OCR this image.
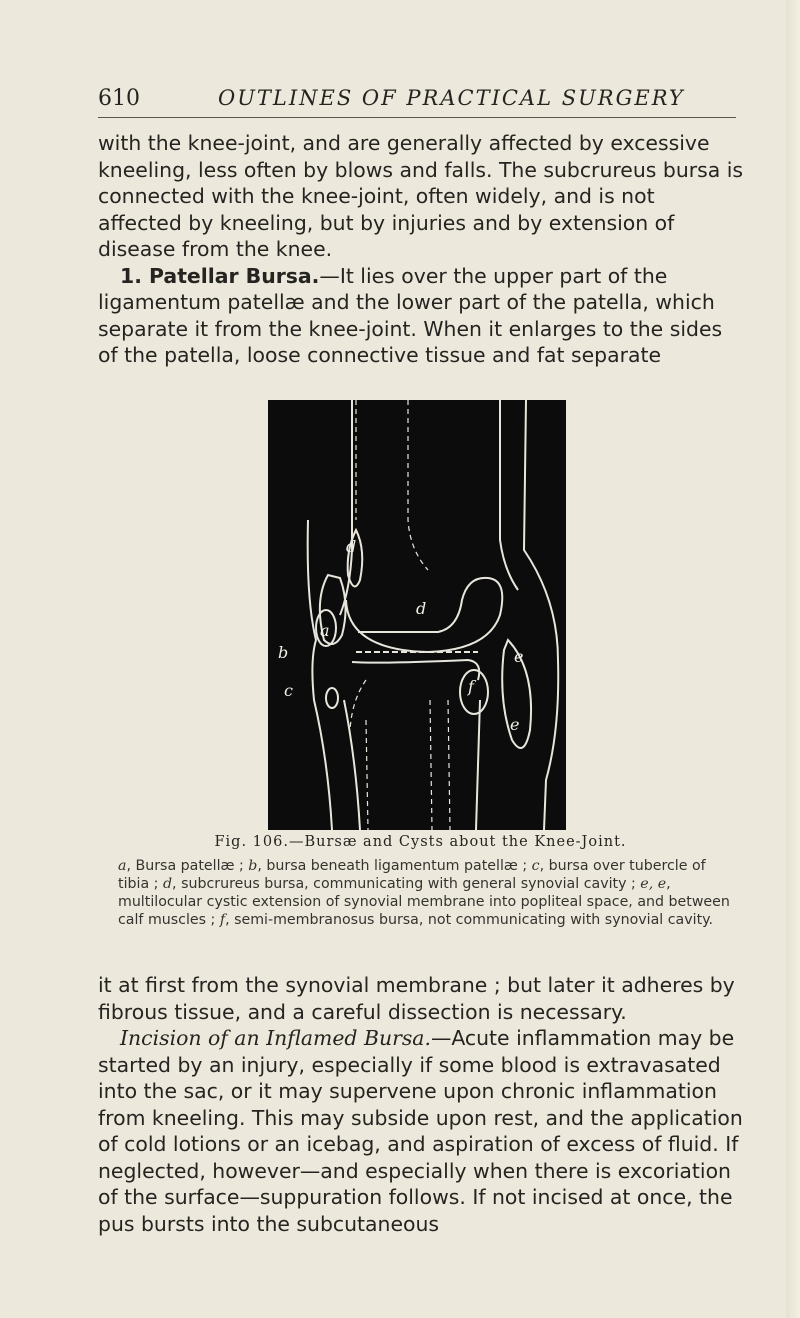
610	OUTLINES OF PRACTICAL SURGERY

with the knee-joint, and are generally affected by excessive kneeling, less often by blows and falls. The subcrureus bursa is connected with the knee-joint, often widely, and is not affected by kneeling, but by injuries and by extension of disease from the knee.

1. Patellar Bursa.—It lies over the upper part of the ligamentum patellæ and the lower part of the patella, which separate it from the knee-joint. When it enlarges to the sides of the patella, loose connective tissue and fat separate

d
d
a
b
c	f
e
e
Fig. 106.—Bursæ and Cysts about the Knee-Joint.
a, Bursa patellæ ; b, bursa beneath ligamentum patellæ ; c, bursa over tubercle of tibia ; d, subcrureus bursa, communicating with general synovial cavity ; e, e, multilocular cystic extension of synovial membrane into popliteal space, and between calf muscles ; f, semi-membranosus bursa, not communicating with synovial cavity.

it at first from the synovial membrane ; but later it adheres by fibrous tissue, and a careful dissection is necessary.

Incision of an Inflamed Bursa.—Acute inflammation may be started by an injury, especially if some blood is extravasated into the sac, or it may supervene upon chronic inflammation from kneeling. This may subside upon rest, and the application of cold lotions or an icebag, and aspiration of excess of fluid. If neglected, however—and especially when there is excoriation of the surface—suppuration follows. If not incised at once, the pus bursts into the subcutaneous
